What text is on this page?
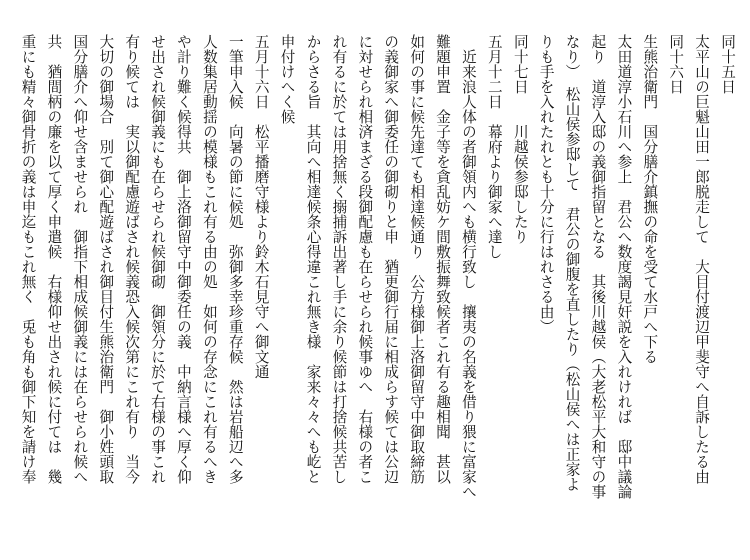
同十五日
太平山の巨魁山田一郎脱走して　大目付渡辺甲斐守へ自訴したる由
同十六日
生熊治衛門　国分膳介鎮撫の命を受て水戸へ下る
太田道淳小石川へ参上　君公へ数度謁見奸説を入れければ　邸中議論
起り　道淳入邸の義御指留となる　其後川越侯（大老松平大和守の事
なり）　松山侯参邸して　君公の御腹を直したり（松山侯へは正家よ
りも手を入れたれとも十分に行はれさる由）
同十七日　　川越侯参邸したり
五月十二日　幕府より御家へ達し
　近来浪人体の者御領内へも横行致し　攘夷の名義を借り猥に富家へ
難題申置　金子等を貪乱妨ケ間敷振舞致候者これ有る趣相聞　甚以
如何の事に候先達ても相達候通り　公方様御上洛御留守中御取締筋
の義御家へ御委任の御砌りと申　猶更御行届に相成らす候ては公辺
に対せられ相済まざる段御配慮も在らせられ候事ゆへ　右様の者こ
れ有るに於ては用捨無く搦捕訴出著し手に余り候節は打捨候共苦し
からさる旨　其向へ相達候条心得違これ無き様　家来々々へも屹と
申付けへく候
五月十六日　松平播磨守様より鈴木石見守へ御文通
一筆申入候　向暑の節に候処　弥御多幸珍重存候　然は岩船辺へ多
人数集居動揺の模様もこれ有る由の処　如何の存念にこれ有るへき
や計り難く候得共　御上洛御留守中御委任の義　中納言様へ厚く仰
せ出され候御義にも在らせられ候御砌　御領分に於て右様の事これ
有り候ては　実以御配慮遊ばされ候義恐入候次第にこれ有り　当今
大切の御場合　別て御心配遊ばされ御目付生熊治衛門　御小姓頭取
国分膳介へ仰せ含ませられ　御指下相成候御義には在らせられ候へ
共　猶間柄の廉を以て厚く申遣候　右様仰せ出され候に付ては　幾
重にも精々御骨折の義は申迄もこれ無く　兎も角も御下知を請け奉
